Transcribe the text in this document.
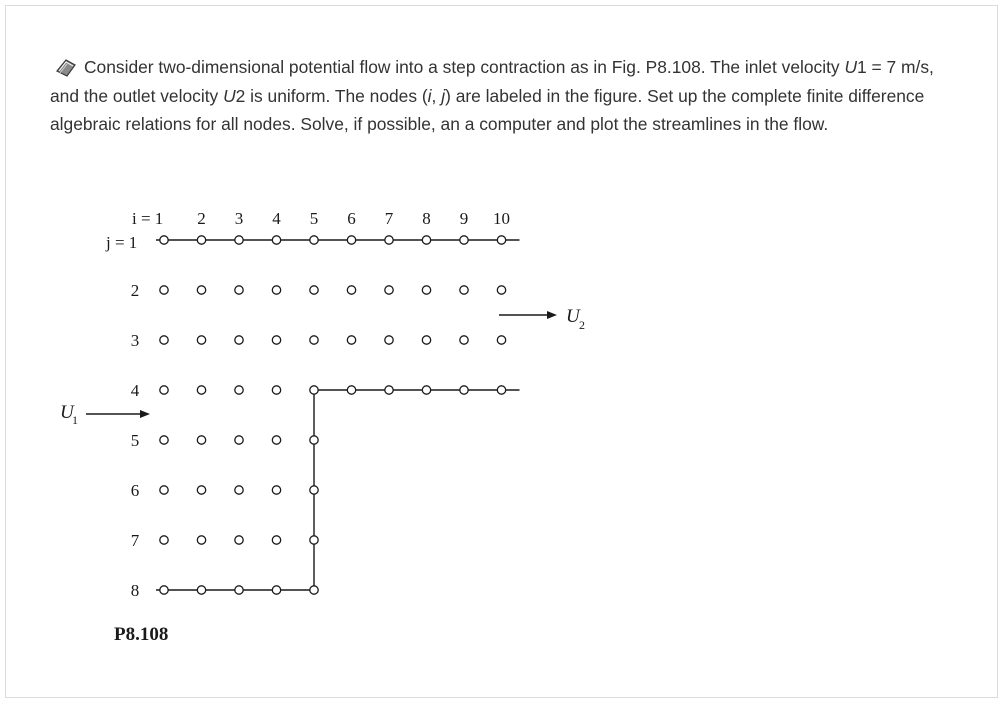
Consider two-dimensional potential flow into a step contraction as in Fig. P8.108. The inlet velocity U1 = 7 m/s, and the outlet velocity U2 is uniform. The nodes (i, j) are labeled in the figure. Set up the complete finite difference algebraic relations for all nodes. Solve, if possible, an a computer and plot the streamlines in the flow.
2 3 4 5 6 7 8 9 10
2
3
4
5
6
7
8
i = 1
j = 1
U
1
U 2
P8.108
